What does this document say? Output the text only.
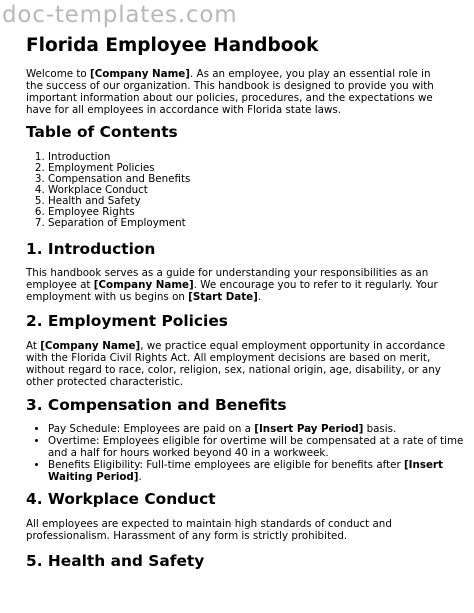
doc-templates.com
Florida Employee Handbook

Welcome to [Company Name]. As an employee, you play an essential role in the success of our organization. This handbook is designed to provide you with important information about our policies, procedures, and the expectations we have for all employees in accordance with Florida state laws.

Table of Contents
1. Introduction
2. Employment Policies
3. Compensation and Benefits
4. Workplace Conduct
5. Health and Safety
6. Employee Rights
7. Separation of Employment
1. Introduction

This handbook serves as a guide for understanding your responsibilities as an employee at [Company Name]. We encourage you to refer to it regularly. Your employment with us begins on [Start Date].

2. Employment Policies

At [Company Name], we practice equal employment opportunity in accordance with the Florida Civil Rights Act. All employment decisions are based on merit, without regard to race, color, religion, sex, national origin, age, disability, or any other protected characteristic.

3. Compensation and Benefits
• Pay Schedule: Employees are paid on a [Insert Pay Period] basis.
• Overtime: Employees eligible for overtime will be compensated at a rate of time and a half for hours worked beyond 40 in a workweek.
• Benefits Eligibility: Full-time employees are eligible for benefits after [Insert Waiting Period].
4. Workplace Conduct

All employees are expected to maintain high standards of conduct and professionalism. Harassment of any form is strictly prohibited.

5. Health and Safety
